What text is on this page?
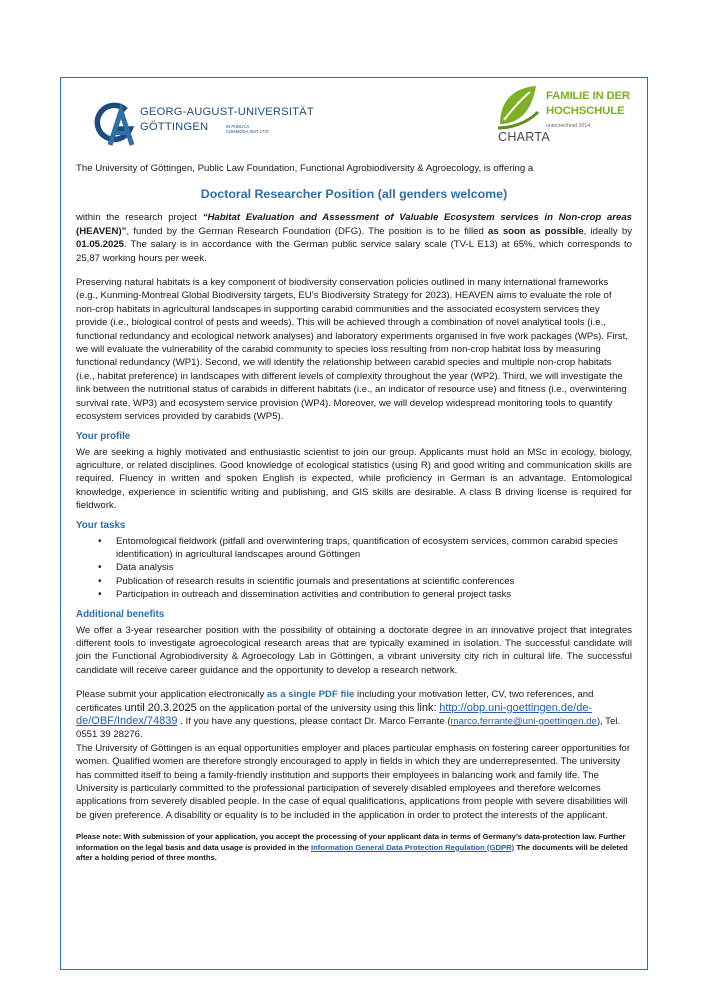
GEORG-AUGUST-UNIVERSITÄT
GÖTTINGEN	IN PUBLICA COMMODA SEIT 1737
FAMILIE IN DER
HOCHSCHULE
CHARTA
unterzeichnet 2014

The University of Göttingen, Public Law Foundation, Functional Agrobiodiversity & Agroecology, is offering a

Doctoral Researcher Position (all genders welcome)

within the research project “Habitat Evaluation and Assessment of Valuable Ecosystem services in Non-crop areas (HEAVEN)”, funded by the German Research Foundation (DFG). The position is to be filled as soon as possible, ideally by 01.05.2025. The salary is in accordance with the German public service salary scale (TV-L E13) at 65%, which corresponds to 25,87 working hours per week.

Preserving natural habitats is a key component of biodiversity conservation policies outlined in many international frameworks (e.g., Kunming-Montreal Global Biodiversity targets, EU’s Biodiversity Strategy for 2023). HEAVEN aims to evaluate the role of non-crop habitats in agricultural landscapes in supporting carabid communities and the associated ecosystem services they provide (i.e., biological control of pests and weeds). This will be achieved through a combination of novel analytical tools (i.e., functional redundancy and ecological network analyses) and laboratory experiments organised in five work packages (WPs). First, we will evaluate the vulnerability of the carabid community to species loss resulting from non-crop habitat loss by measuring functional redundancy (WP1). Second, we will identify the relationship between carabid species and multiple non-crop habitats (i.e., habitat preference) in landscapes with different levels of complexity throughout the year (WP2). Third, we will investigate the link between the nutritional status of carabids in different habitats (i.e., an indicator of resource use) and fitness (i.e., overwintering survival rate, WP3) and ecosystem service provision (WP4). Moreover, we will develop widespread monitoring tools to quantify ecosystem services provided by carabids (WP5).

Your profile

We are seeking a highly motivated and enthusiastic scientist to join our group. Applicants must hold an MSc in ecology, biology, agriculture, or related disciplines. Good knowledge of ecological statistics (using R) and good writing and communication skills are required. Fluency in written and spoken English is expected, while proficiency in German is an advantage. Entomological knowledge, experience in scientific writing and publishing, and GIS skills are desirable. A class B driving license is required for fieldwork.

Your tasks
• Entomological fieldwork (pitfall and overwintering traps, quantification of ecosystem services, common carabid species identification) in agricultural landscapes around Göttingen
• Data analysis
• Publication of research results in scientific journals and presentations at scientific conferences
• Participation in outreach and dissemination activities and contribution to general project tasks
Additional benefits

We offer a 3-year researcher position with the possibility of obtaining a doctorate degree in an innovative project that integrates different tools to investigate agroecological research areas that are typically examined in isolation. The successful candidate will join the Functional Agrobiodiversity & Agroecology Lab in Göttingen, a vibrant university city rich in cultural life. The successful candidate will receive career guidance and the opportunity to develop a research network.

Please submit your application electronically as a single PDF file including your motivation letter, CV, two references, and certificates until 20.3.2025 on the application portal of the university using this link: http://obp.uni-goettingen.de/de-de/OBF/Index/74839 . If you have any questions, please contact Dr. Marco Ferrante (marco.ferrante@uni-goettingen.de), Tel. 0551 39 28276.

The University of Göttingen is an equal opportunities employer and places particular emphasis on fostering career opportunities for women. Qualified women are therefore strongly encouraged to apply in fields in which they are underrepresented. The university has committed itself to being a family-friendly institution and supports their employees in balancing work and family life. The University is particularly committed to the professional participation of severely disabled employees and therefore welcomes applications from severely disabled people. In the case of equal qualifications, applications from people with severe disabilities will be given preference. A disability or equality is to be included in the application in order to protect the interests of the applicant.

Please note: With submission of your application, you accept the processing of your applicant data in terms of Germany’s data-protection law. Further information on the legal basis and data usage is provided in the Information General Data Protection Regulation (GDPR) The documents will be deleted after a holding period of three months.
